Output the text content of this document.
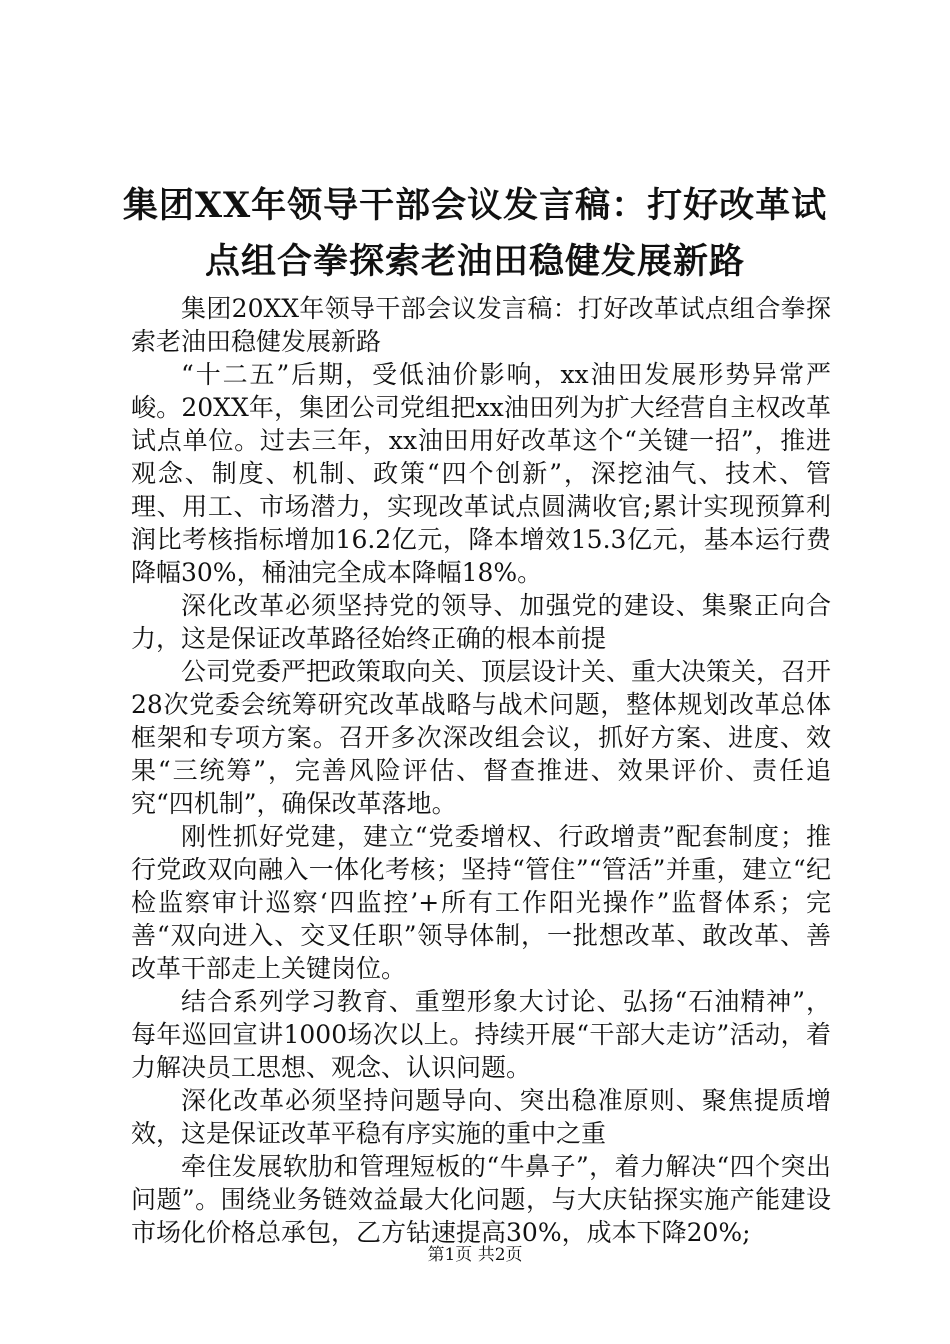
集团XX年领导干部会议发言稿：打好改革试点组合拳探索老油田稳健发展新路

集团20XX年领导干部会议发言稿：打好改革试点组合拳探索老油田稳健发展新路

“十二五”后期，受低油价影响，xx油田发展形势异常严峻。20XX年，集团公司党组把xx油田列为扩大经营自主权改革试点单位。过去三年，xx油田用好改革这个“关键一招”，推进观念、制度、机制、政策“四个创新”，深挖油气、技术、管理、用工、市场潜力，实现改革试点圆满收官;累计实现预算利润比考核指标增加16.2亿元，降本增效15.3亿元，基本运行费降幅30%，桶油完全成本降幅18%。

深化改革必须坚持党的领导、加强党的建设、集聚正向合力，这是保证改革路径始终正确的根本前提

公司党委严把政策取向关、顶层设计关、重大决策关，召开28次党委会统筹研究改革战略与战术问题，整体规划改革总体框架和专项方案。召开多次深改组会议，抓好方案、进度、效果“三统筹”，完善风险评估、督查推进、效果评价、责任追究“四机制”，确保改革落地。

刚性抓好党建，建立“党委增权、行政增责”配套制度；推行党政双向融入一体化考核；坚持“管住”“管活”并重，建立“纪检监察审计巡察‘四监控’+所有工作阳光操作”监督体系；完善“双向进入、交叉任职”领导体制，一批想改革、敢改革、善改革干部走上关键岗位。

结合系列学习教育、重塑形象大讨论、弘扬“石油精神”，每年巡回宣讲1000场次以上。持续开展“干部大走访”活动，着力解决员工思想、观念、认识问题。

深化改革必须坚持问题导向、突出稳准原则、聚焦提质增效，这是保证改革平稳有序实施的重中之重

牵住发展软肋和管理短板的“牛鼻子”，着力解决“四个突出问题”。围绕业务链效益最大化问题，与大庆钻探实施产能建设市场化价格总承包，乙方钻速提高30%，成本下降20%;

第1页 共2页
